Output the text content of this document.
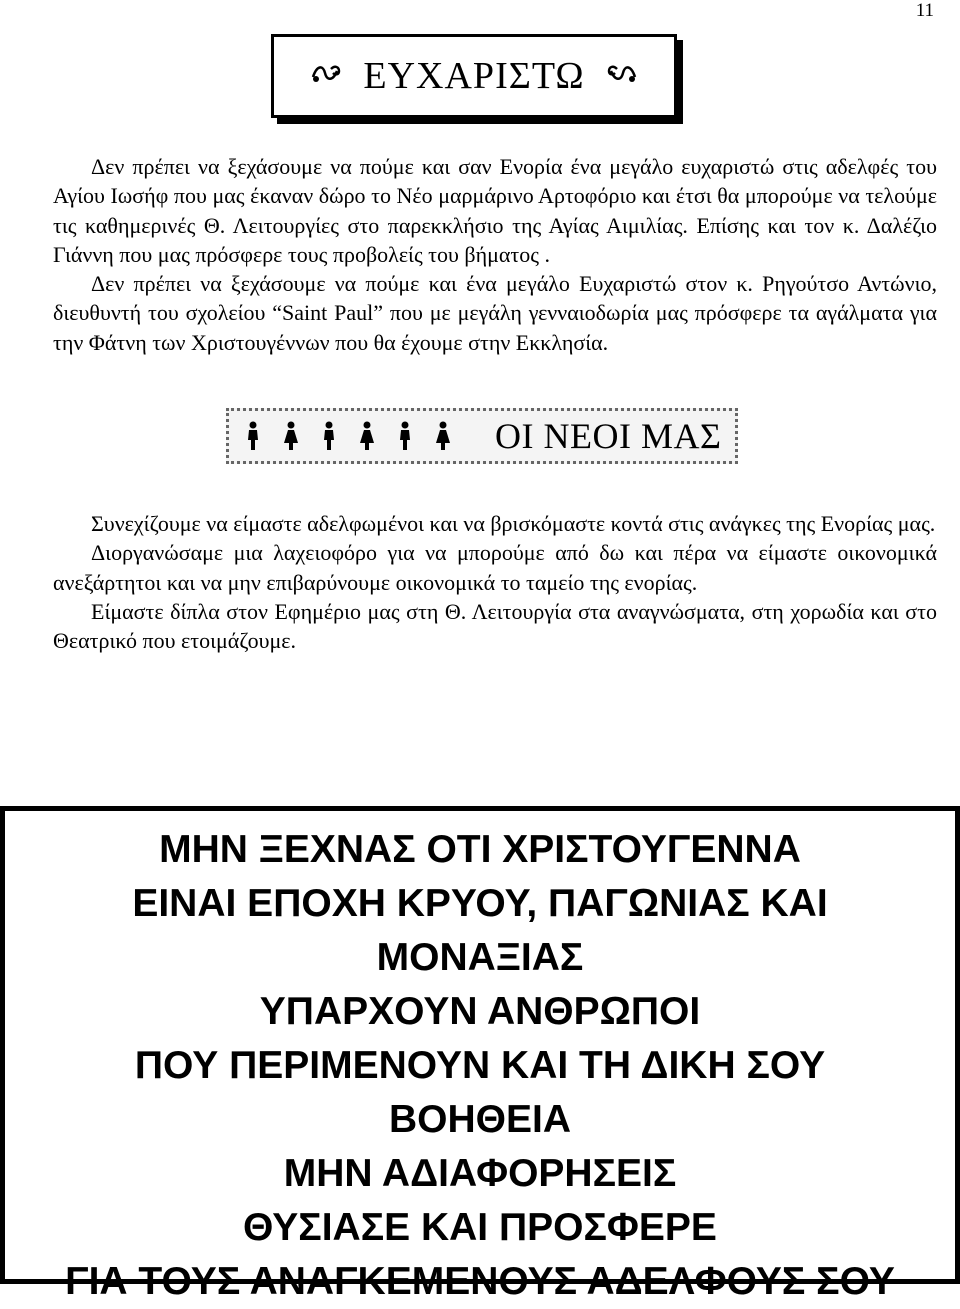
11
ΕΥΧΑΡΙΣΤΩ

Δεν πρέπει να ξεχάσουμε να πούμε και σαν Ενορία ένα μεγάλο ευχαριστώ στις αδελφές του Αγίου Ιωσήφ που μας έκαναν δώρο το Νέο μαρμάρινο Αρτοφόριο και έτσι θα μπορούμε να τελούμε τις καθημερινές Θ. Λειτουργίες στο παρεκκλήσιο της Αγίας Αιμιλίας. Επίσης και τον κ. Δαλέζιο Γιάννη που μας πρόσφερε τους προβολείς του βήματος .

Δεν πρέπει να ξεχάσουμε να πούμε και ένα μεγάλο Ευχαριστώ στον κ. Ρηγούτσο Αντώνιο, διευθυντή του σχολείου “Saint Paul” που με μεγάλη γενναιοδωρία μας πρόσφερε τα αγάλματα για την Φάτνη των Χριστουγέννων που θα έχουμε στην Εκκλησία.

ΟΙ ΝΕΟΙ ΜΑΣ

Συνεχίζουμε να είμαστε αδελφωμένοι και να βρισκόμαστε κοντά στις ανάγκες της Ενορίας μας.

Διοργανώσαμε μια λαχειοφόρο για να μπορούμε από δω και πέρα να είμαστε οικονομικά ανεξάρτητοι και να μην επιβαρύνουμε οικονομικά το ταμείο της ενορίας.

Είμαστε δίπλα στον Εφημέριο μας στη Θ. Λειτουργία στα αναγνώσματα, στη χορωδία και στο Θεατρικό που ετοιμάζουμε.

ΜΗΝ ΞΕΧΝΑΣ ΟΤΙ ΧΡΙΣΤΟΥΓΕΝΝΑ
ΕΙΝΑΙ ΕΠΟΧΗ ΚΡΥΟΥ, ΠΑΓΩΝΙΑΣ ΚΑΙ
ΜΟΝΑΞΙΑΣ
ΥΠΑΡΧΟΥΝ ΑΝΘΡΩΠΟΙ
ΠΟΥ ΠΕΡΙΜΕΝΟΥΝ ΚΑΙ ΤΗ ΔΙΚΗ ΣΟΥ
ΒΟΗΘΕΙΑ
ΜΗΝ ΑΔΙΑΦΟΡΗΣΕΙΣ
ΘΥΣΙΑΣΕ ΚΑΙ ΠΡΟΣΦΕΡΕ
ΓΙΑ ΤΟΥΣ ΑΝΑΓΚΕΜΕΝΟΥΣ ΑΔΕΛΦΟΥΣ ΣΟΥ
